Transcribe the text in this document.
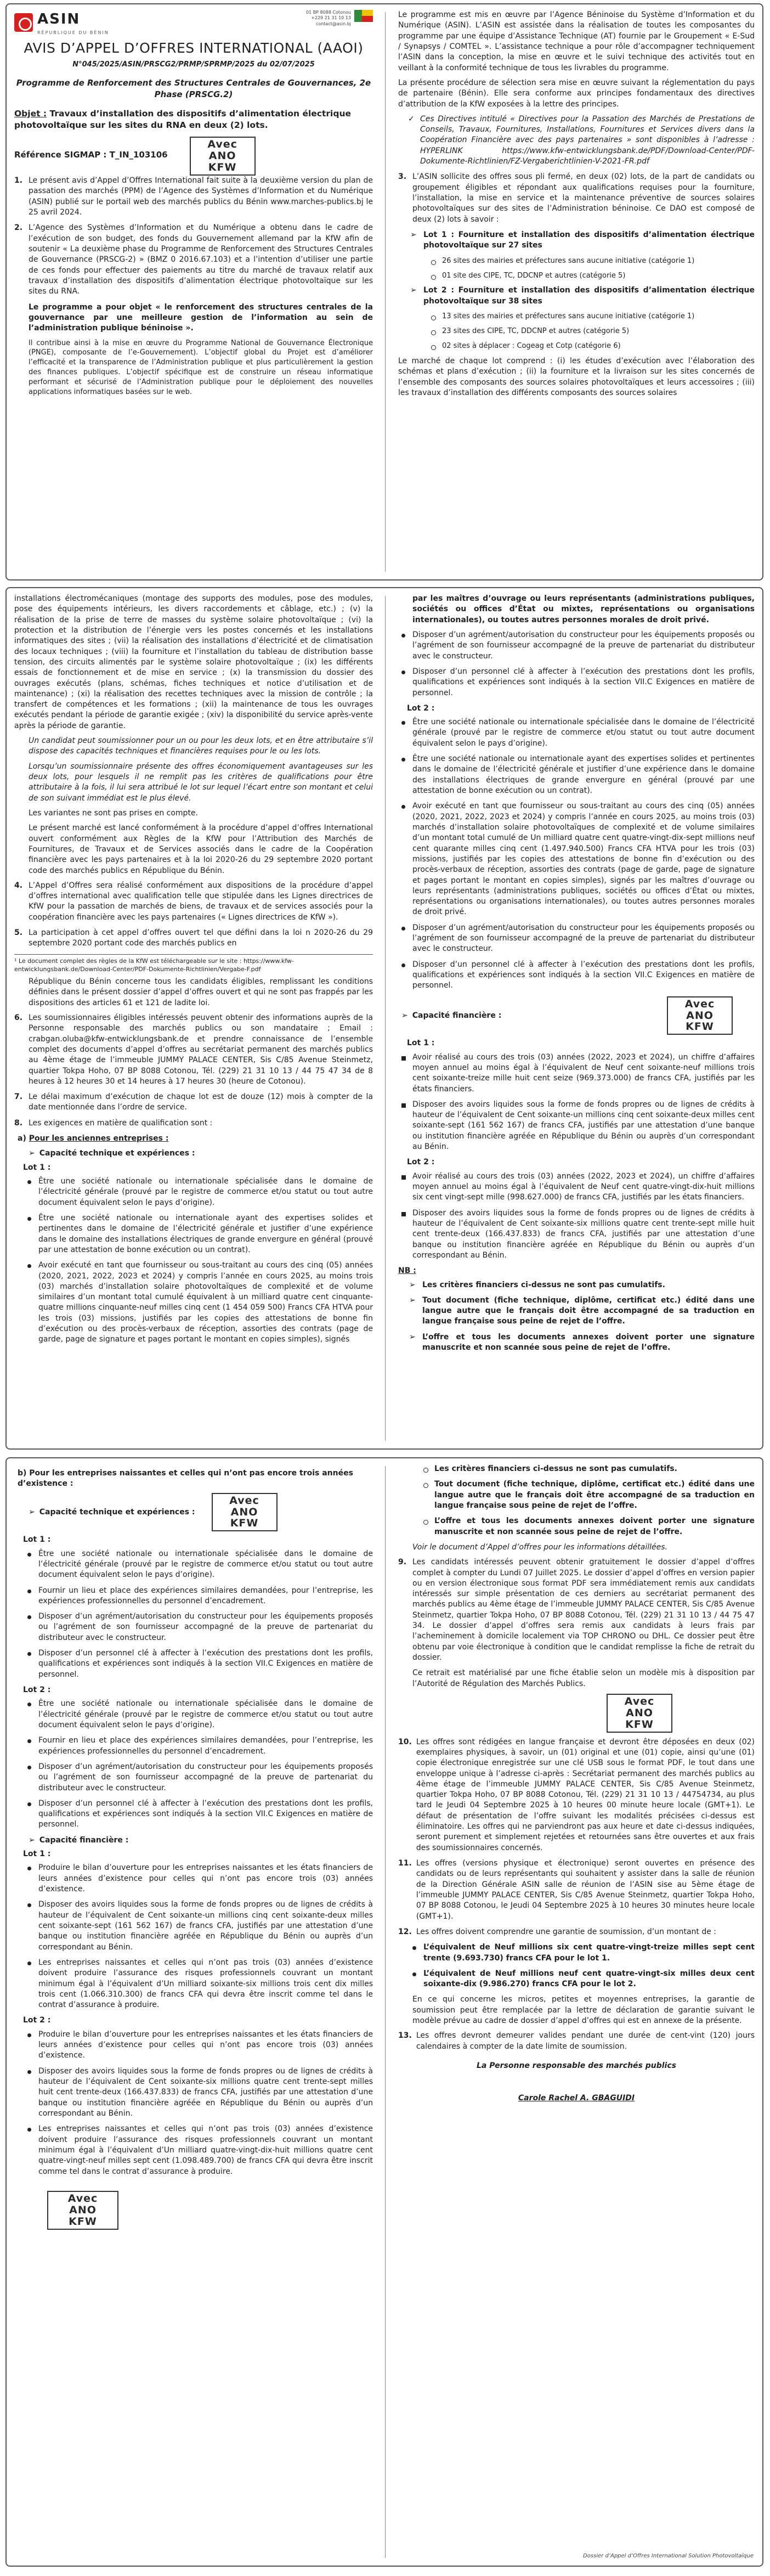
ASIN
RÉPUBLIQUE DU BÉNIN
01 BP 8088 Cotonou
+229 21 31 10 13
contact@asin.bj
AVIS D’APPEL D’OFFRES INTERNATIONAL (AAOI)
N°045/2025/ASIN/PRSCG2/PRMP/SPRMP/2025 du 02/07/2025
Programme de Renforcement des Structures Centrales de Gouvernances, 2e Phase (PRSCG.2)
Objet : Travaux d’installation des dispositifs d’alimentation électrique photovoltaïque sur les sites du RNA en deux (2) lots.
Référence SIGMAP : T_IN_103106
Avec ANO KFW
1. Le présent avis d’Appel d’Offres International fait suite à la deuxième version du plan de passation des marchés (PPM) de l’Agence des Systèmes d’Information et du Numérique (ASIN) publié sur le portail web des marchés publics du Bénin www.marches-publics.bj le 25 avril 2024.
2. L’Agence des Systèmes d’Information et du Numérique a obtenu dans le cadre de l’exécution de son budget, des fonds du Gouvernement allemand par la KfW afin de soutenir « La deuxième phase du Programme de Renforcement des Structures Centrales de Gouvernance (PRSCG-2) » (BMZ 0 2016.67.103) et a l’intention d’utiliser une partie de ces fonds pour effectuer des paiements au titre du marché de travaux relatif aux travaux d’installation des dispositifs d’alimentation électrique photovoltaïque sur les sites du RNA.

Le programme a pour objet « le renforcement des structures centrales de la gouvernance par une meilleure gestion de l’information au sein de l’administration publique béninoise ».

Il contribue ainsi à la mise en œuvre du Programme National de Gouvernance Électronique (PNGE), composante de l’e-Gouvernement). L’objectif global du Projet est d’améliorer l’efficacité et la transparence de l’Administration publique et plus particulièrement la gestion des finances publiques. L’objectif spécifique est de construire un réseau informatique performant et sécurisé de l’Administration publique pour le déploiement des nouvelles applications informatiques basées sur le web.

Le programme est mis en œuvre par l’Agence Béninoise du Système d’Information et du Numérique (ASIN). L’ASIN est assistée dans la réalisation de toutes les composantes du programme par une équipe d’Assistance Technique (AT) fournie par le Groupement « E-Sud / Synapsys / COMTEL ». L’assistance technique a pour rôle d’accompagner techniquement l’ASIN dans la conception, la mise en œuvre et le suivi technique des activités tout en veillant à la conformité technique de tous les livrables du programme.

La présente procédure de sélection sera mise en œuvre suivant la réglementation du pays de partenaire (Bénin). Elle sera conforme aux principes fondamentaux des directives d’attribution de la KfW exposées à la lettre des principes.

✓ Ces Directives intitulé « Directives pour la Passation des Marchés de Prestations de Conseils, Travaux, Fournitures, Installations, Fournitures et Services divers dans la Coopération Financière avec des pays partenaires » sont disponibles à l’adresse : HYPERLINK https://www.kfw-entwicklungsbank.de/PDF/Download-Center/PDF-Dokumente-Richtlinien/FZ-Vergaberichtlinien-V-2021-FR.pdf
3. L’ASIN sollicite des offres sous pli fermé, en deux (02) lots, de la part de candidats ou groupement éligibles et répondant aux qualifications requises pour la fourniture, l’installation, la mise en service et la maintenance préventive de sources solaires photovoltaïques sur des sites de l’Administration béninoise. Ce DAO est composé de deux (2) lots à savoir :
➢ Lot 1 : Fourniture et installation des dispositifs d’alimentation électrique photovoltaïque sur 27 sites
26 sites des mairies et préfectures sans aucune initiative (catégorie 1)
01 site des CIPE, TC, DDCNP et autres (catégorie 5)
➢ Lot 2 : Fourniture et installation des dispositifs d’alimentation électrique photovoltaïque sur 38 sites
13 sites des mairies et préfectures sans aucune initiative (catégorie 1)
23 sites des CIPE, TC, DDCNP et autres (catégorie 5)
02 sites à déplacer : Cogeag et Cotp (catégorie 6)

Le marché de chaque lot comprend : (i) les études d’exécution avec l’élaboration des schémas et plans d’exécution ; (ii) la fourniture et la livraison sur les sites concernés de l’ensemble des composants des sources solaires photovoltaïques et leurs accessoires ; (iii) les travaux d’installation des différents composants des sources solaires

installations électromécaniques (montage des supports des modules, pose des modules, pose des équipements intérieurs, les divers raccordements et câblage, etc.) ; (v) la réalisation de la prise de terre de masses du système solaire photovoltaïque ; (vi) la protection et la distribution de l’énergie vers les postes concernés et les installations informatiques des sites ; (vii) la réalisation des installations d’électricité et de climatisation des locaux techniques ; (viii) la fourniture et l’installation du tableau de distribution basse tension, des circuits alimentés par le système solaire photovoltaïque ; (ix) les différents essais de fonctionnement et de mise en service ; (x) la transmission du dossier des ouvrages exécutés (plans, schémas, fiches techniques et notice d’utilisation et de maintenance) ; (xi) la réalisation des recettes techniques avec la mission de contrôle ; la transfert de compétences et les formations ; (xii) la maintenance de tous les ouvrages exécutés pendant la période de garantie exigée ; (xiv) la disponibilité du service après-vente après la période de garantie.

Un candidat peut soumissionner pour un ou pour les deux lots, et en être attributaire s’il dispose des capacités techniques et financières requises pour le ou les lots.

Lorsqu’un soumissionnaire présente des offres économiquement avantageuses sur les deux lots, pour lesquels il ne remplit pas les critères de qualifications pour être attributaire à la fois, il lui sera attribué le lot sur lequel l’écart entre son montant et celui de son suivant immédiat est le plus élevé.

Les variantes ne sont pas prises en compte.

Le présent marché est lancé conformément à la procédure d’appel d’offres International ouvert conformément aux Règles de la KfW pour l’Attribution des Marchés de Fournitures, de Travaux et de Services associés dans le cadre de la Coopération financière avec les pays partenaires et à la loi 2020-26 du 29 septembre 2020 portant code des marchés publics en République du Bénin.

4. L’Appel d’Offres sera réalisé conformément aux dispositions de la procédure d’appel d’offres international avec qualification telle que stipulée dans les Lignes directrices de KfW pour la passation de marchés de biens, de travaux et de services associés pour la coopération financière avec les pays partenaires (« Lignes directrices de KfW »).
5. La participation à cet appel d’offres ouvert tel que défini dans la loi n 2020-26 du 29 septembre 2020 portant code des marchés publics en
¹ Le document complet des règles de la KfW est téléchargeable sur le site : https://www.kfw-entwicklungsbank.de/Download-Center/PDF-Dokumente-Richtlinien/Vergabe-F.pdf

République du Bénin concerne tous les candidats éligibles, remplissant les conditions définies dans le présent dossier d’appel d’offres ouvert et qui ne sont pas frappés par les dispositions des articles 61 et 121 de ladite loi.

6. Les soumissionnaires éligibles intéressés peuvent obtenir des informations auprès de la Personne responsable des marchés publics ou son mandataire ; Email : crabgan.oluba@kfw-entwicklungsbank.de et prendre connaissance de l’ensemble complet des documents d’appel d’offres au secrétariat permanent des marchés publics au 4ème étage de l’immeuble JUMMY PALACE CENTER, Sis C/85 Avenue Steinmetz, quartier Tokpa Hoho, 07 BP 8088 Cotonou, Tél. (229) 21 31 10 13 / 44 75 47 34 de 8 heures à 12 heures 30 et 14 heures à 17 heures 30 (heure de Cotonou).
7. Le délai maximum d’exécution de chaque lot est de douze (12) mois à compter de la date mentionnée dans l’ordre de service.
8. Les exigences en matière de qualification sont :
a) Pour les anciennes entreprises :
➢ Capacité technique et expériences :
Lot 1 :
Être une société nationale ou internationale spécialisée dans le domaine de l’électricité générale (prouvé par le registre de commerce et/ou statut ou tout autre document équivalent selon le pays d’origine).
Être une société nationale ou internationale ayant des expertises solides et pertinentes dans le domaine de l’électricité générale et justifier d’une expérience dans le domaine des installations électriques de grande envergure en général (prouvé par une attestation de bonne exécution ou un contrat).
Avoir exécuté en tant que fournisseur ou sous-traitant au cours des cinq (05) années (2020, 2021, 2022, 2023 et 2024) y compris l’année en cours 2025, au moins trois (03) marchés d’installation solaire photovoltaïques de complexité et de volume similaires d’un montant total cumulé équivalent à un milliard quatre cent cinquante-quatre millions cinquante-neuf milles cinq cent (1 454 059 500) Francs CFA HTVA pour les trois (03) missions, justifiés par les copies des attestations de bonne fin d’exécution ou des procès-verbaux de réception, assorties des contrats (page de garde, page de signature et pages portant le montant en copies simples), signés

par les maîtres d’ouvrage ou leurs représentants (administrations publiques, sociétés ou offices d’État ou mixtes, représentations ou organisations internationales), ou toutes autres personnes morales de droit privé.

Disposer d’un agrément/autorisation du constructeur pour les équipements proposés ou l’agrément de son fournisseur accompagné de la preuve de partenariat du distributeur avec le constructeur.
Disposer d’un personnel clé à affecter à l’exécution des prestations dont les profils, qualifications et expériences sont indiqués à la section VII.C Exigences en matière de personnel.
Lot 2 :
Être une société nationale ou internationale spécialisée dans le domaine de l’électricité générale (prouvé par le registre de commerce et/ou statut ou tout autre document équivalent selon le pays d’origine).
Être une société nationale ou internationale ayant des expertises solides et pertinentes dans le domaine de l’électricité générale et justifier d’une expérience dans le domaine des installations électriques de grande envergure en général (prouvé par une attestation de bonne exécution ou un contrat).
Avoir exécuté en tant que fournisseur ou sous-traitant au cours des cinq (05) années (2020, 2021, 2022, 2023 et 2024) y compris l’année en cours 2025, au moins trois (03) marchés d’installation solaire photovoltaïques de complexité et de volume similaires d’un montant total cumulé de Un milliard quatre cent quatre-vingt-dix-sept millions neuf cent quarante milles cinq cent (1.497.940.500) Francs CFA HTVA pour les trois (03) missions, justifiés par les copies des attestations de bonne fin d’exécution ou des procès-verbaux de réception, assorties des contrats (page de garde, page de signature et pages portant le montant en copies simples), signés par les maîtres d’ouvrage ou leurs représentants (administrations publiques, sociétés ou offices d’État ou mixtes, représentations ou organisations internationales), ou toutes autres personnes morales de droit privé.
Disposer d’un agrément/autorisation du constructeur pour les équipements proposés ou l’agrément de son fournisseur accompagné de la preuve de partenariat du distributeur avec le constructeur.
Disposer d’un personnel clé à affecter à l’exécution des prestations dont les profils, qualifications et expériences sont indiqués à la section VII.C Exigences en matière de personnel.
➢ Capacité financière :
Avec ANO KFW
Lot 1 :
Avoir réalisé au cours des trois (03) années (2022, 2023 et 2024), un chiffre d’affaires moyen annuel au moins égal à l’équivalent de Neuf cent soixante-neuf millions trois cent soixante-treize mille huit cent seize (969.373.000) de francs CFA, justifiés par les états financiers.
Disposer des avoirs liquides sous la forme de fonds propres ou de lignes de crédits à hauteur de l’équivalent de Cent soixante-un millions cinq cent soixante-deux milles cent soixante-sept (161 562 167) de francs CFA, justifiés par une attestation d’une banque ou institution financière agréée en République du Bénin ou auprès d’un correspondant au Bénin.
Lot 2 :
Avoir réalisé au cours des trois (03) années (2022, 2023 et 2024), un chiffre d’affaires moyen annuel au moins égal à l’équivalent de Neuf cent quatre-vingt-dix-huit millions six cent vingt-sept mille (998.627.000) de francs CFA, justifiés par les états financiers.
Disposer des avoirs liquides sous la forme de fonds propres ou de lignes de crédits à hauteur de l’équivalent de Cent soixante-six millions quatre cent trente-sept mille huit cent trente-deux (166.437.833) de francs CFA, justifiés par une attestation d’une banque ou institution financière agréée en République du Bénin ou auprès d’un correspondant au Bénin.
NB :
➢ Les critères financiers ci-dessus ne sont pas cumulatifs.
➢ Tout document (fiche technique, diplôme, certificat etc.) édité dans une langue autre que le français doit être accompagné de sa traduction en langue française sous peine de rejet de l’offre.
➢ L’offre et tous les documents annexes doivent porter une signature manuscrite et non scannée sous peine de rejet de l’offre.
b) Pour les entreprises naissantes et celles qui n’ont pas encore trois années d’existence :
➢ Capacité technique et expériences :
Avec ANO KFW
Lot 1 :
Être une société nationale ou internationale spécialisée dans le domaine de l’électricité générale (prouvé par le registre de commerce et/ou statut ou tout autre document équivalent selon le pays d’origine).
Fournir un lieu et place des expériences similaires demandées, pour l’entreprise, les expériences professionnelles du personnel d’encadrement.
Disposer d’un agrément/autorisation du constructeur pour les équipements proposés ou l’agrément de son fournisseur accompagné de la preuve de partenariat du distributeur avec le constructeur.
Disposer d’un personnel clé à affecter à l’exécution des prestations dont les profils, qualifications et expériences sont indiqués à la section VII.C Exigences en matière de personnel.
Lot 2 :
Être une société nationale ou internationale spécialisée dans le domaine de l’électricité générale (prouvé par le registre de commerce et/ou statut ou tout autre document équivalent selon le pays d’origine).
Fournir en lieu et place des expériences similaires demandées, pour l’entreprise, les expériences professionnelles du personnel d’encadrement.
Disposer d’un agrément/autorisation du constructeur pour les équipements proposés ou l’agrément de son fournisseur accompagné de la preuve de partenariat du distributeur avec le constructeur.
Disposer d’un personnel clé à affecter à l’exécution des prestations dont les profils, qualifications et expériences sont indiqués à la section VII.C Exigences en matière de personnel.
➢ Capacité financière :
Lot 1 :
Produire le bilan d’ouverture pour les entreprises naissantes et les états financiers de leurs années d’existence pour celles qui n’ont pas encore trois (03) années d’existence.
Disposer des avoirs liquides sous la forme de fonds propres ou de lignes de crédits à hauteur de l’équivalent de Cent soixante-un millions cinq cent soixante-deux milles cent soixante-sept (161 562 167) de francs CFA, justifiés par une attestation d’une banque ou institution financière agréée en République du Bénin ou auprès d’un correspondant au Bénin.
Les entreprises naissantes et celles qui n’ont pas trois (03) années d’existence doivent produire l’assurance des risques professionnels couvrant un montant minimum égal à l’équivalent d’Un milliard soixante-six millions trois cent dix milles trois cent (1.066.310.300) de francs CFA qui devra être inscrit comme tel dans le contrat d’assurance à produire.
Lot 2 :
Produire le bilan d’ouverture pour les entreprises naissantes et les états financiers de leurs années d’existence pour celles qui n’ont pas encore trois (03) années d’existence.
Disposer des avoirs liquides sous la forme de fonds propres ou de lignes de crédits à hauteur de l’équivalent de Cent soixante-six millions quatre cent trente-sept milles huit cent trente-deux (166.437.833) de francs CFA, justifiés par une attestation d’une banque ou institution financière agréée en République du Bénin ou auprès d’un correspondant au Bénin.
Les entreprises naissantes et celles qui n’ont pas trois (03) années d’existence doivent produire l’assurance des risques professionnels couvrant un montant minimum égal à l’équivalent d’Un milliard quatre-vingt-dix-huit millions quatre cent quatre-vingt-neuf milles sept cent (1.098.489.700) de francs CFA qui devra être inscrit comme tel dans le contrat d’assurance à produire.
Avec ANO KFW
Les critères financiers ci-dessus ne sont pas cumulatifs.
Tout document (fiche technique, diplôme, certificat etc.) édité dans une langue autre que le français doit être accompagné de sa traduction en langue française sous peine de rejet de l’offre.
L’offre et tous les documents annexes doivent porter une signature manuscrite et non scannée sous peine de rejet de l’offre.

Voir le document d’Appel d’offres pour les informations détaillées.

9. Les candidats intéressés peuvent obtenir gratuitement le dossier d’appel d’offres complet à compter du Lundi 07 Juillet 2025. Le dossier d’appel d’offres en version papier ou en version électronique sous format PDF sera immédiatement remis aux candidats intéressés sur simple présentation de ces derniers au secrétariat permanent des marchés publics au 4ème étage de l’immeuble JUMMY PALACE CENTER, Sis C/85 Avenue Steinmetz, quartier Tokpa Hoho, 07 BP 8088 Cotonou, Tél. (229) 21 31 10 13 / 44 75 47 34. Le dossier d’appel d’offres sera remis aux candidats à leurs frais par l’acheminement à domicile localement via TOP CHRONO ou DHL. Ce dossier peut être obtenu par voie électronique à condition que le candidat remplisse la fiche de retrait du dossier.

Ce retrait est matérialisé par une fiche établie selon un modèle mis à disposition par l’Autorité de Régulation des Marchés Publics.

Avec ANO KFW
10. Les offres sont rédigées en langue française et devront être déposées en deux (02) exemplaires physiques, à savoir, un (01) original et une (01) copie, ainsi qu’une (01) copie électronique enregistrée sur une clé USB sous le format PDF, le tout dans une enveloppe unique à l’adresse ci-après : Secrétariat permanent des marchés publics au 4ème étage de l’immeuble JUMMY PALACE CENTER, Sis C/85 Avenue Steinmetz, quartier Tokpa Hoho, 07 BP 8088 Cotonou, Tél. (229) 21 31 10 13 / 44754734, au plus tard le Jeudi 04 Septembre 2025 à 10 heures 00 minute heure locale (GMT+1). Le défaut de présentation de l’offre suivant les modalités précisées ci-dessus est éliminatoire. Les offres qui ne parviendront pas aux heure et date ci-dessus indiquées, seront purement et simplement rejetées et retournées sans être ouvertes et aux frais des soumissionnaires concernés.
11. Les offres (versions physique et électronique) seront ouvertes en présence des candidats ou de leurs représentants qui souhaitent y assister dans la salle de réunion de la Direction Générale ASIN salle de réunion de l’ASIN sise au 5ème étage de l’immeuble JUMMY PALACE CENTER, Sis C/85 Avenue Steinmetz, quartier Tokpa Hoho, 07 BP 8088 Cotonou, le Jeudi 04 Septembre 2025 à 10 heures 30 minutes heure locale (GMT+1).
12. Les offres doivent comprendre une garantie de soumission, d’un montant de :
L’équivalent de Neuf millions six cent quatre-vingt-treize milles sept cent trente (9.693.730) francs CFA pour le lot 1.
L’équivalent de Neuf millions neuf cent quatre-vingt-six milles deux cent soixante-dix (9.986.270) francs CFA pour le lot 2.

En ce qui concerne les micros, petites et moyennes entreprises, la garantie de soumission peut être remplacée par la lettre de déclaration de garantie suivant le modèle prévue au cadre de dossier d’appel d’offres qui est en annexe de la présente.

13. Les offres devront demeurer valides pendant une durée de cent-vint (120) jours calendaires à compter de la date limite de soumission.
La Personne responsable des marchés publics
Carole Rachel A. GBAGUIDI
Dossier d’Appel d’Offres International Solution Photovoltaïque
